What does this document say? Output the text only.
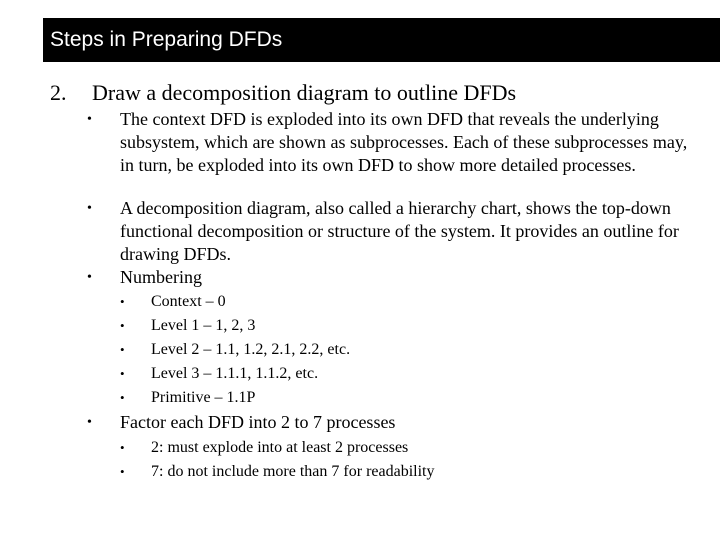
Steps in Preparing DFDs
2. Draw a decomposition diagram to outline DFDs
• The context DFD is exploded into its own DFD that reveals the underlying subsystem, which are shown as subprocesses. Each of these subprocesses may, in turn, be exploded into its own DFD to show more detailed processes.
• A decomposition diagram, also called a hierarchy chart, shows the top-down functional decomposition or structure of the system. It provides an outline for drawing DFDs.
• Numbering
• Context – 0
• Level 1 – 1, 2, 3
• Level 2 – 1.1, 1.2, 2.1, 2.2, etc.
• Level 3 – 1.1.1, 1.1.2, etc.
• Primitive – 1.1P
• Factor each DFD into 2 to 7 processes
• 2: must explode into at least 2 processes
• 7: do not include more than 7 for readability
